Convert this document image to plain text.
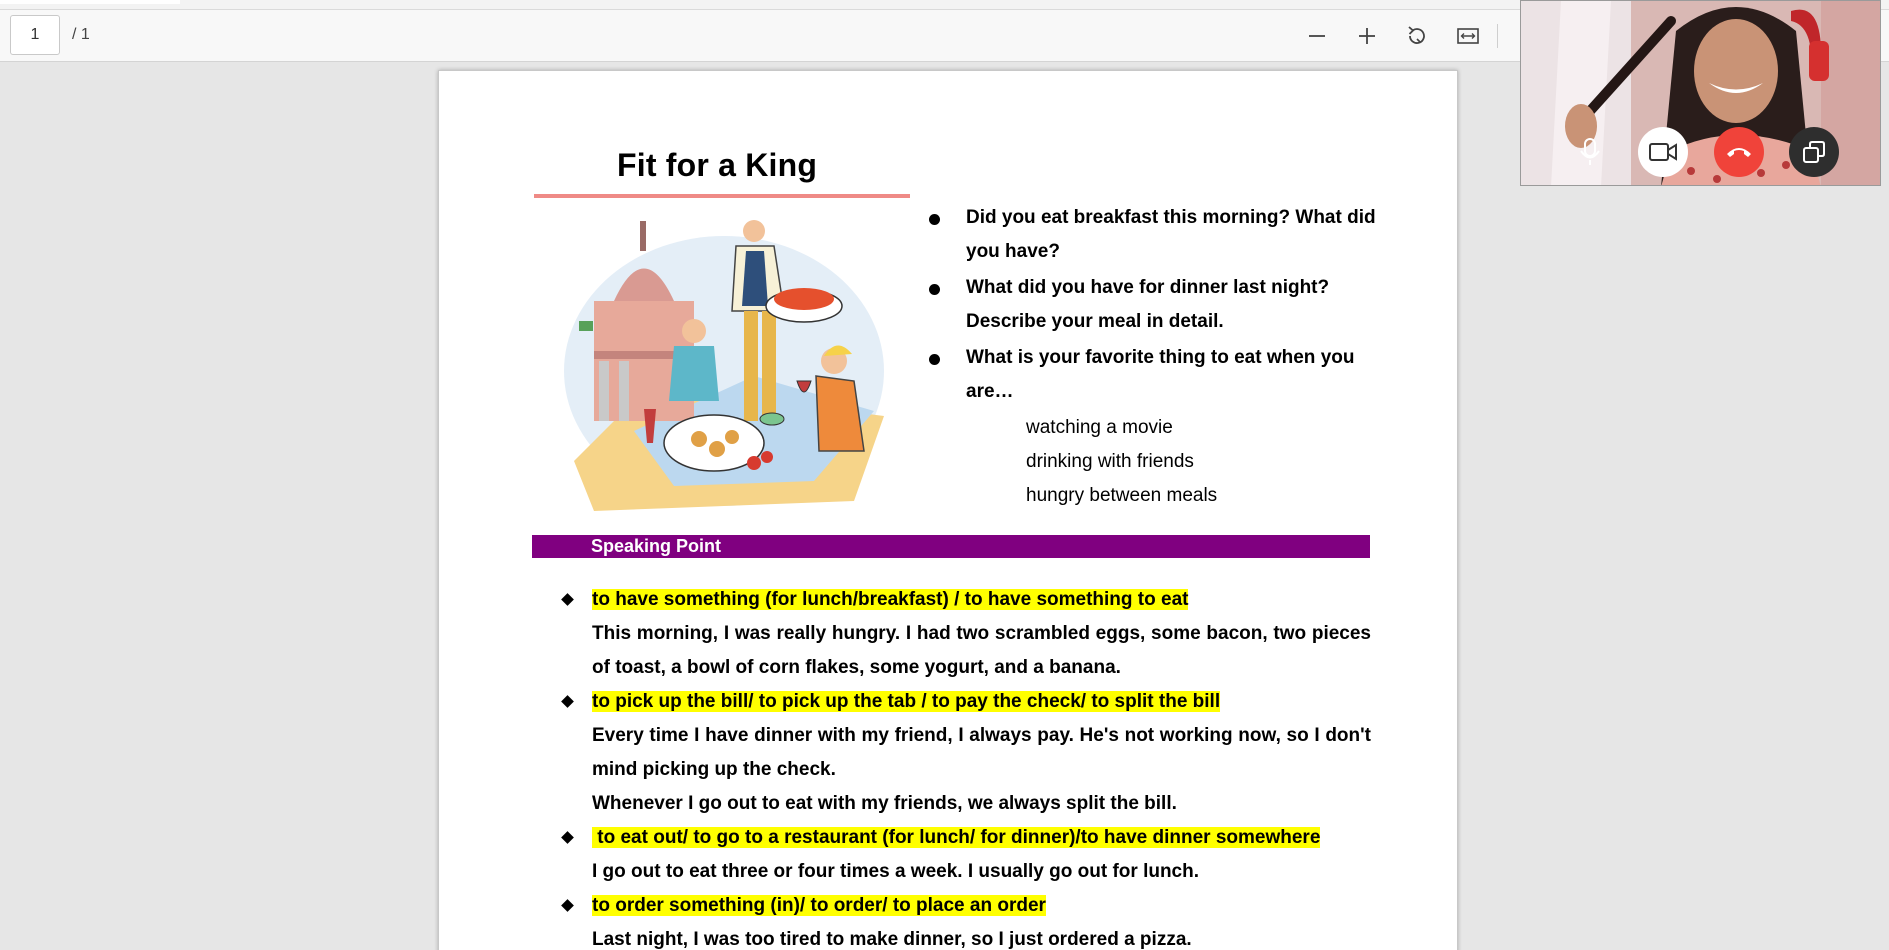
1	/ 1
Fit for a King
Did you eat breakfast this morning? What did you have?
What did you have for dinner last night? Describe your meal in detail.
What is your favorite thing to eat when you are…
watching a movie
drinking with friends
hungry between meals
Speaking Point
to have something (for lunch/breakfast) / to have something to eat
This morning, I was really hungry. I had two scrambled eggs, some bacon, two pieces of toast, a bowl of corn flakes, some yogurt, and a banana.
to pick up the bill/ to pick up the tab / to pay the check/ to split the bill
Every time I have dinner with my friend, I always pay. He's not working now, so I don't mind picking up the check.
Whenever I go out to eat with my friends, we always split the bill.
to eat out/ to go to a restaurant (for lunch/ for dinner)/to have dinner somewhere
I go out to eat three or four times a week. I usually go out for lunch.
to order something (in)/ to order/ to place an order
Last night, I was too tired to make dinner, so I just ordered a pizza.
